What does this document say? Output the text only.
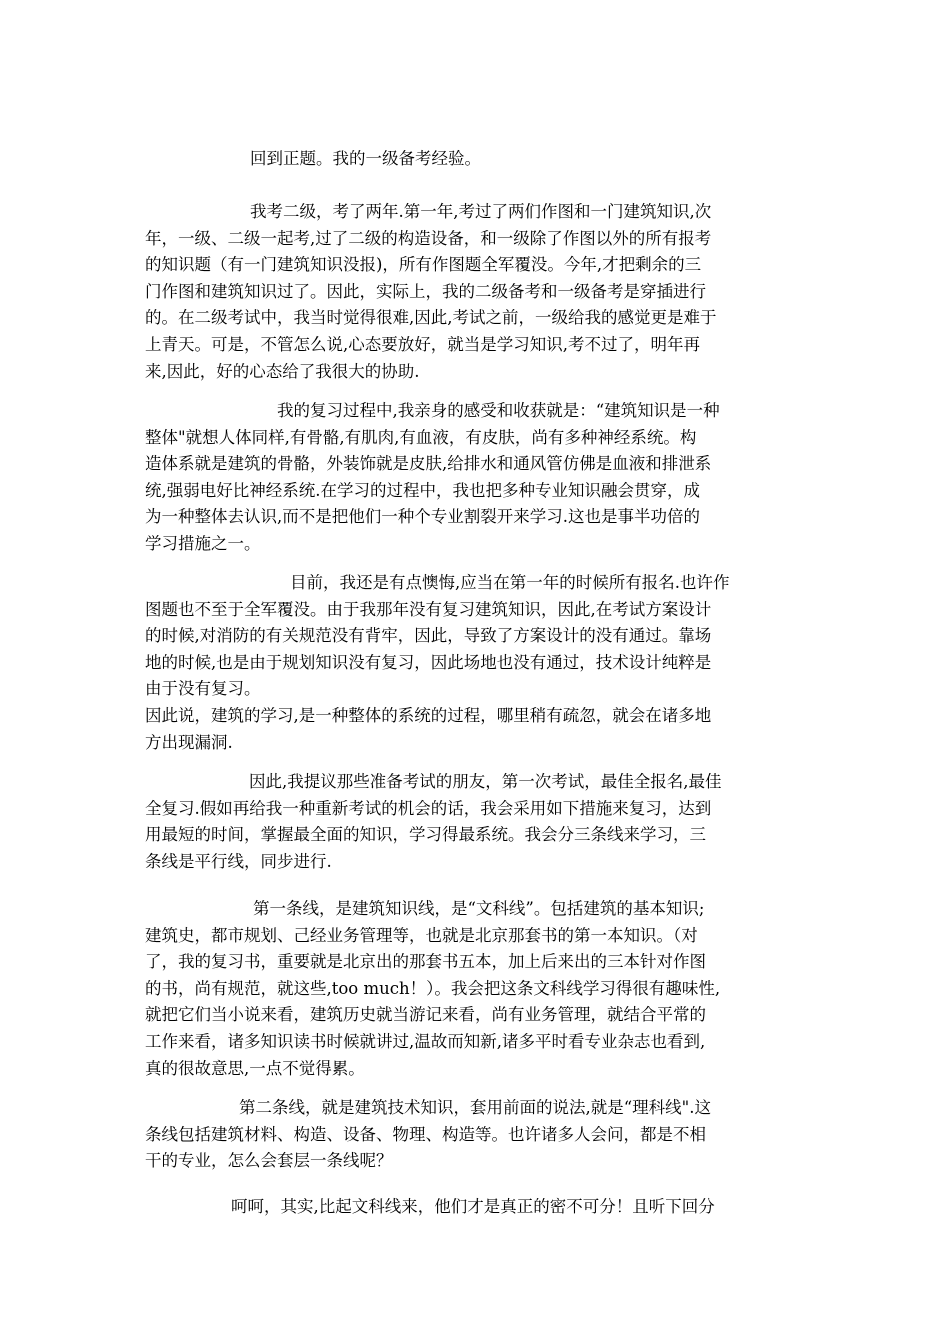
回到正题。我的一级备考经验。

我考二级，考了两年.第一年,考过了两们作图和一门建筑知识,次
年，一级、二级一起考,过了二级的构造设备，和一级除了作图以外的所有报考
的知识题（有一门建筑知识没报)，所有作图题全军覆没。今年,才把剩余的三
门作图和建筑知识过了。因此，实际上，我的二级备考和一级备考是穿插进行
的。在二级考试中，我当时觉得很难,因此,考试之前，一级给我的感觉更是难于
上青天。可是，不管怎么说,心态要放好，就当是学习知识,考不过了，明年再
来,因此，好的心态给了我很大的协助.

我的复习过程中,我亲身的感受和收获就是：“建筑知识是一种
整体"就想人体同样,有骨骼,有肌肉,有血液，有皮肤，尚有多种神经系统。构
造体系就是建筑的骨骼，外装饰就是皮肤,给排水和通风管仿佛是血液和排泄系
统,强弱电好比神经系统.在学习的过程中，我也把多种专业知识融会贯穿，成
为一种整体去认识,而不是把他们一种个专业割裂开来学习.这也是事半功倍的
学习措施之一。

目前，我还是有点懊悔,应当在第一年的时候所有报名.也许作
图题也不至于全军覆没。由于我那年没有复习建筑知识，因此,在考试方案设计
的时候,对消防的有关规范没有背牢，因此，导致了方案设计的没有通过。靠场
地的时候,也是由于规划知识没有复习，因此场地也没有通过，技术设计纯粹是
由于没有复习。
因此说，建筑的学习,是一种整体的系统的过程，哪里稍有疏忽，就会在诸多地
方出现漏洞.

因此,我提议那些准备考试的朋友，第一次考试，最佳全报名,最佳
全复习.假如再给我一种重新考试的机会的话，我会采用如下措施来复习，达到
用最短的时间，掌握最全面的知识，学习得最系统。我会分三条线来学习，三
条线是平行线，同步进行.

第一条线，是建筑知识线，是“文科线”。包括建筑的基本知识;
建筑史，都市规划、己经业务管理等，也就是北京那套书的第一本知识。（对
了，我的复习书，重要就是北京出的那套书五本，加上后来出的三本针对作图
的书，尚有规范，就这些,too much！）。我会把这条文科线学习得很有趣味性,
就把它们当小说来看，建筑历史就当游记来看，尚有业务管理，就结合平常的
工作来看，诸多知识读书时候就讲过,温故而知新,诸多平时看专业杂志也看到,
真的很故意思,一点不觉得累。

第二条线，就是建筑技术知识，套用前面的说法,就是“理科线".这
条线包括建筑材料、构造、设备、物理、构造等。也许诸多人会问，都是不相
干的专业，怎么会套层一条线呢？

呵呵，其实,比起文科线来，他们才是真正的密不可分！且听下回分
